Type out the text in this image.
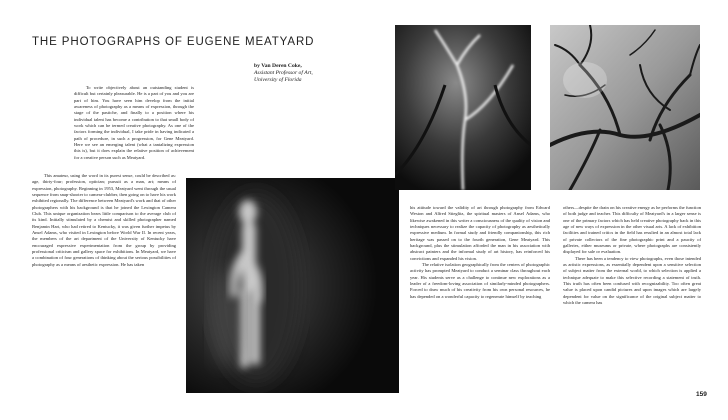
THE PHOTOGRAPHS OF EUGENE MEATYARD
by Van Deren Coke,
Assistant Professor of Art,
University of Florida

To write objectively about an outstanding student is difficult but certainly pleasurable. He is a part of you and you are part of him. You have seen him develop from the initial awareness of photography as a means of expression, through the stage of the pastiche, and finally to a position where his individual talent has become a contribution to that small body of work which can be termed creative photography. As one of the factors forming the individual, I take pride in having indicated a path of procedure, in such a progression, for Gene Meatyard. Here we see an emerging talent (what a tantalizing expression this is), but it does explain the relative position of achievement for a creative person such as Meatyard.

This amateur, using the word in its purest sense, could be described as: age, thirty-four; profession, optician; pursuit as a man, art; means of expression, photography. Beginning in 1953, Meatyard went through the usual sequence from snap-shooter to camera-clubber, then going on to have his work exhibited regionally. The difference between Meatyard's work and that of other photographers with his background is that he joined the Lexington Camera Club. This unique organization bears little comparison to the average club of its kind. Initially stimulated by a chemist and skilled photographer named Benjamin Hart, who had retired to Kentucky, it was given further impetus by Ansel Adams, who visited in Lexington before World War II. In recent years, the members of the art department of the University of Kentucky have encouraged expressive experimentation from the group by providing professional criticism and gallery space for exhibitions. In Meatyard, we have a combination of four generations of thinking about the serious possibilities of photography as a means of aesthetic expression. He has taken

his attitude toward the validity of art through photography from Edward Weston and Alfred Stieglitz, the spiritual masters of Ansel Adams, who likewise awakened in this writer a consciousness of the quality of vision and techniques necessary to realize the capacity of photography as aesthetically expressive medium. In formal study and friendly companionship, this rich heritage was passed on to the fourth generation, Gene Meatyard. This background, plus the stimulation afforded the man in his association with abstract painters and the informal study of art history, has reinforced his convictions and expanded his vision.

The relative isolation geographically from the centers of photographic activity has prompted Meatyard to conduct a seminar class throughout each year. His students serve as a challenge to continue new explorations as a leader of a freedom-loving association of similarly-minded photographers. Forced to draw much of his creativity from his own personal resources, he has depended on a wonderful capacity to regenerate himself by teaching

others—despite the drain on his creative energy as he performs the function of both judge and teacher. This difficulty of Meatyard's in a larger sense is one of the primary factors which has held creative photography back in this age of new ways of expression in the other visual arts. A lack of exhibition facilities and trained critics in the field has resulted in an almost total lack of private collectors of the fine photographic print and a paucity of galleries, either museums or private, where photographs are consistently displayed for sale or evaluation.

There has been a tendency to view photographs, even those intended as artistic expressions, as essentially dependent upon a sensitive selection of subject matter from the external world, to which selection is applied a technique adequate to make this selective recording a statement of truth. This truth has often been confused with recognizability. Too often great value is placed upon candid pictures and upon images which are largely dependent for value on the significance of the original subject matter to which the camera has

159
